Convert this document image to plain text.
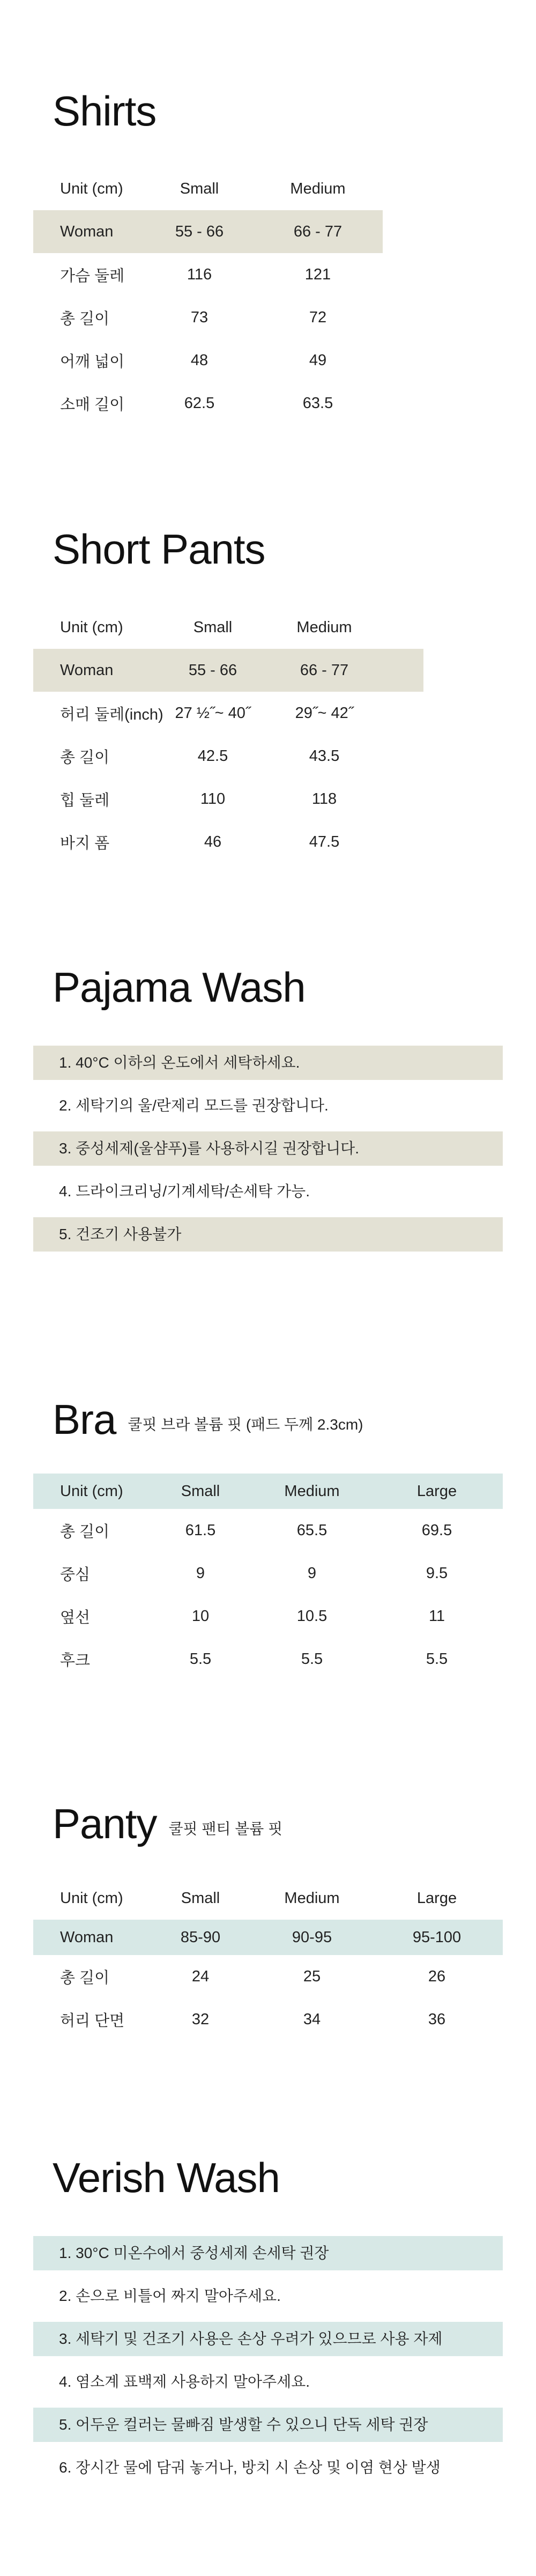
Shirts
Unit (cm)	Small	Medium
Woman	55 - 66	66 - 77
가슴 둘레	116	121
총 길이	73	72
어깨 넓이	48	49
소매 길이	62.5	63.5
Short Pants
Unit (cm)	Small	Medium	
Woman	55 - 66	66 - 77	
허리 둘레(inch)	27 ½˝~ 40˝	29˝~ 42˝	
총 길이	42.5	43.5	
힙 둘레	110	118	
바지 폼	46	47.5	
Pajama Wash
1. 40°C 이하의 온도에서 세탁하세요.
2. 세탁기의 울/란제리 모드를 권장합니다.
3. 중성세제(울샴푸)를 사용하시길 권장합니다.
4. 드라이크리닝/기계세탁/손세탁 가능.
5. 건조기 사용불가
Bra $^{쿨핏 브라 볼륨 핏 (패드 두께 2.3cm)}$
Unit (cm)	Small	Medium	Large
총 길이	61.5	65.5	69.5
중심	9	9	9.5
옆선	10	10.5	11
후크	5.5	5.5	5.5
Panty $^{쿨핏 팬티 볼륨 핏}$
Unit (cm)	Small	Medium	Large
Woman	85-90	90-95	95-100
총 길이	24	25	26
허리 단면	32	34	36
Verish Wash
1. 30°C 미온수에서 중성세제 손세탁 권장
2. 손으로 비틀어 짜지 말아주세요.
3. 세탁기 및 건조기 사용은 손상 우려가 있으므로 사용 자제
4. 염소계 표백제 사용하지 말아주세요.
5. 어두운 컬러는 물빠짐 발생할 수 있으니 단독 세탁 권장
6. 장시간 물에 담궈 놓거나, 방치 시 손상 및 이염 현상 발생
